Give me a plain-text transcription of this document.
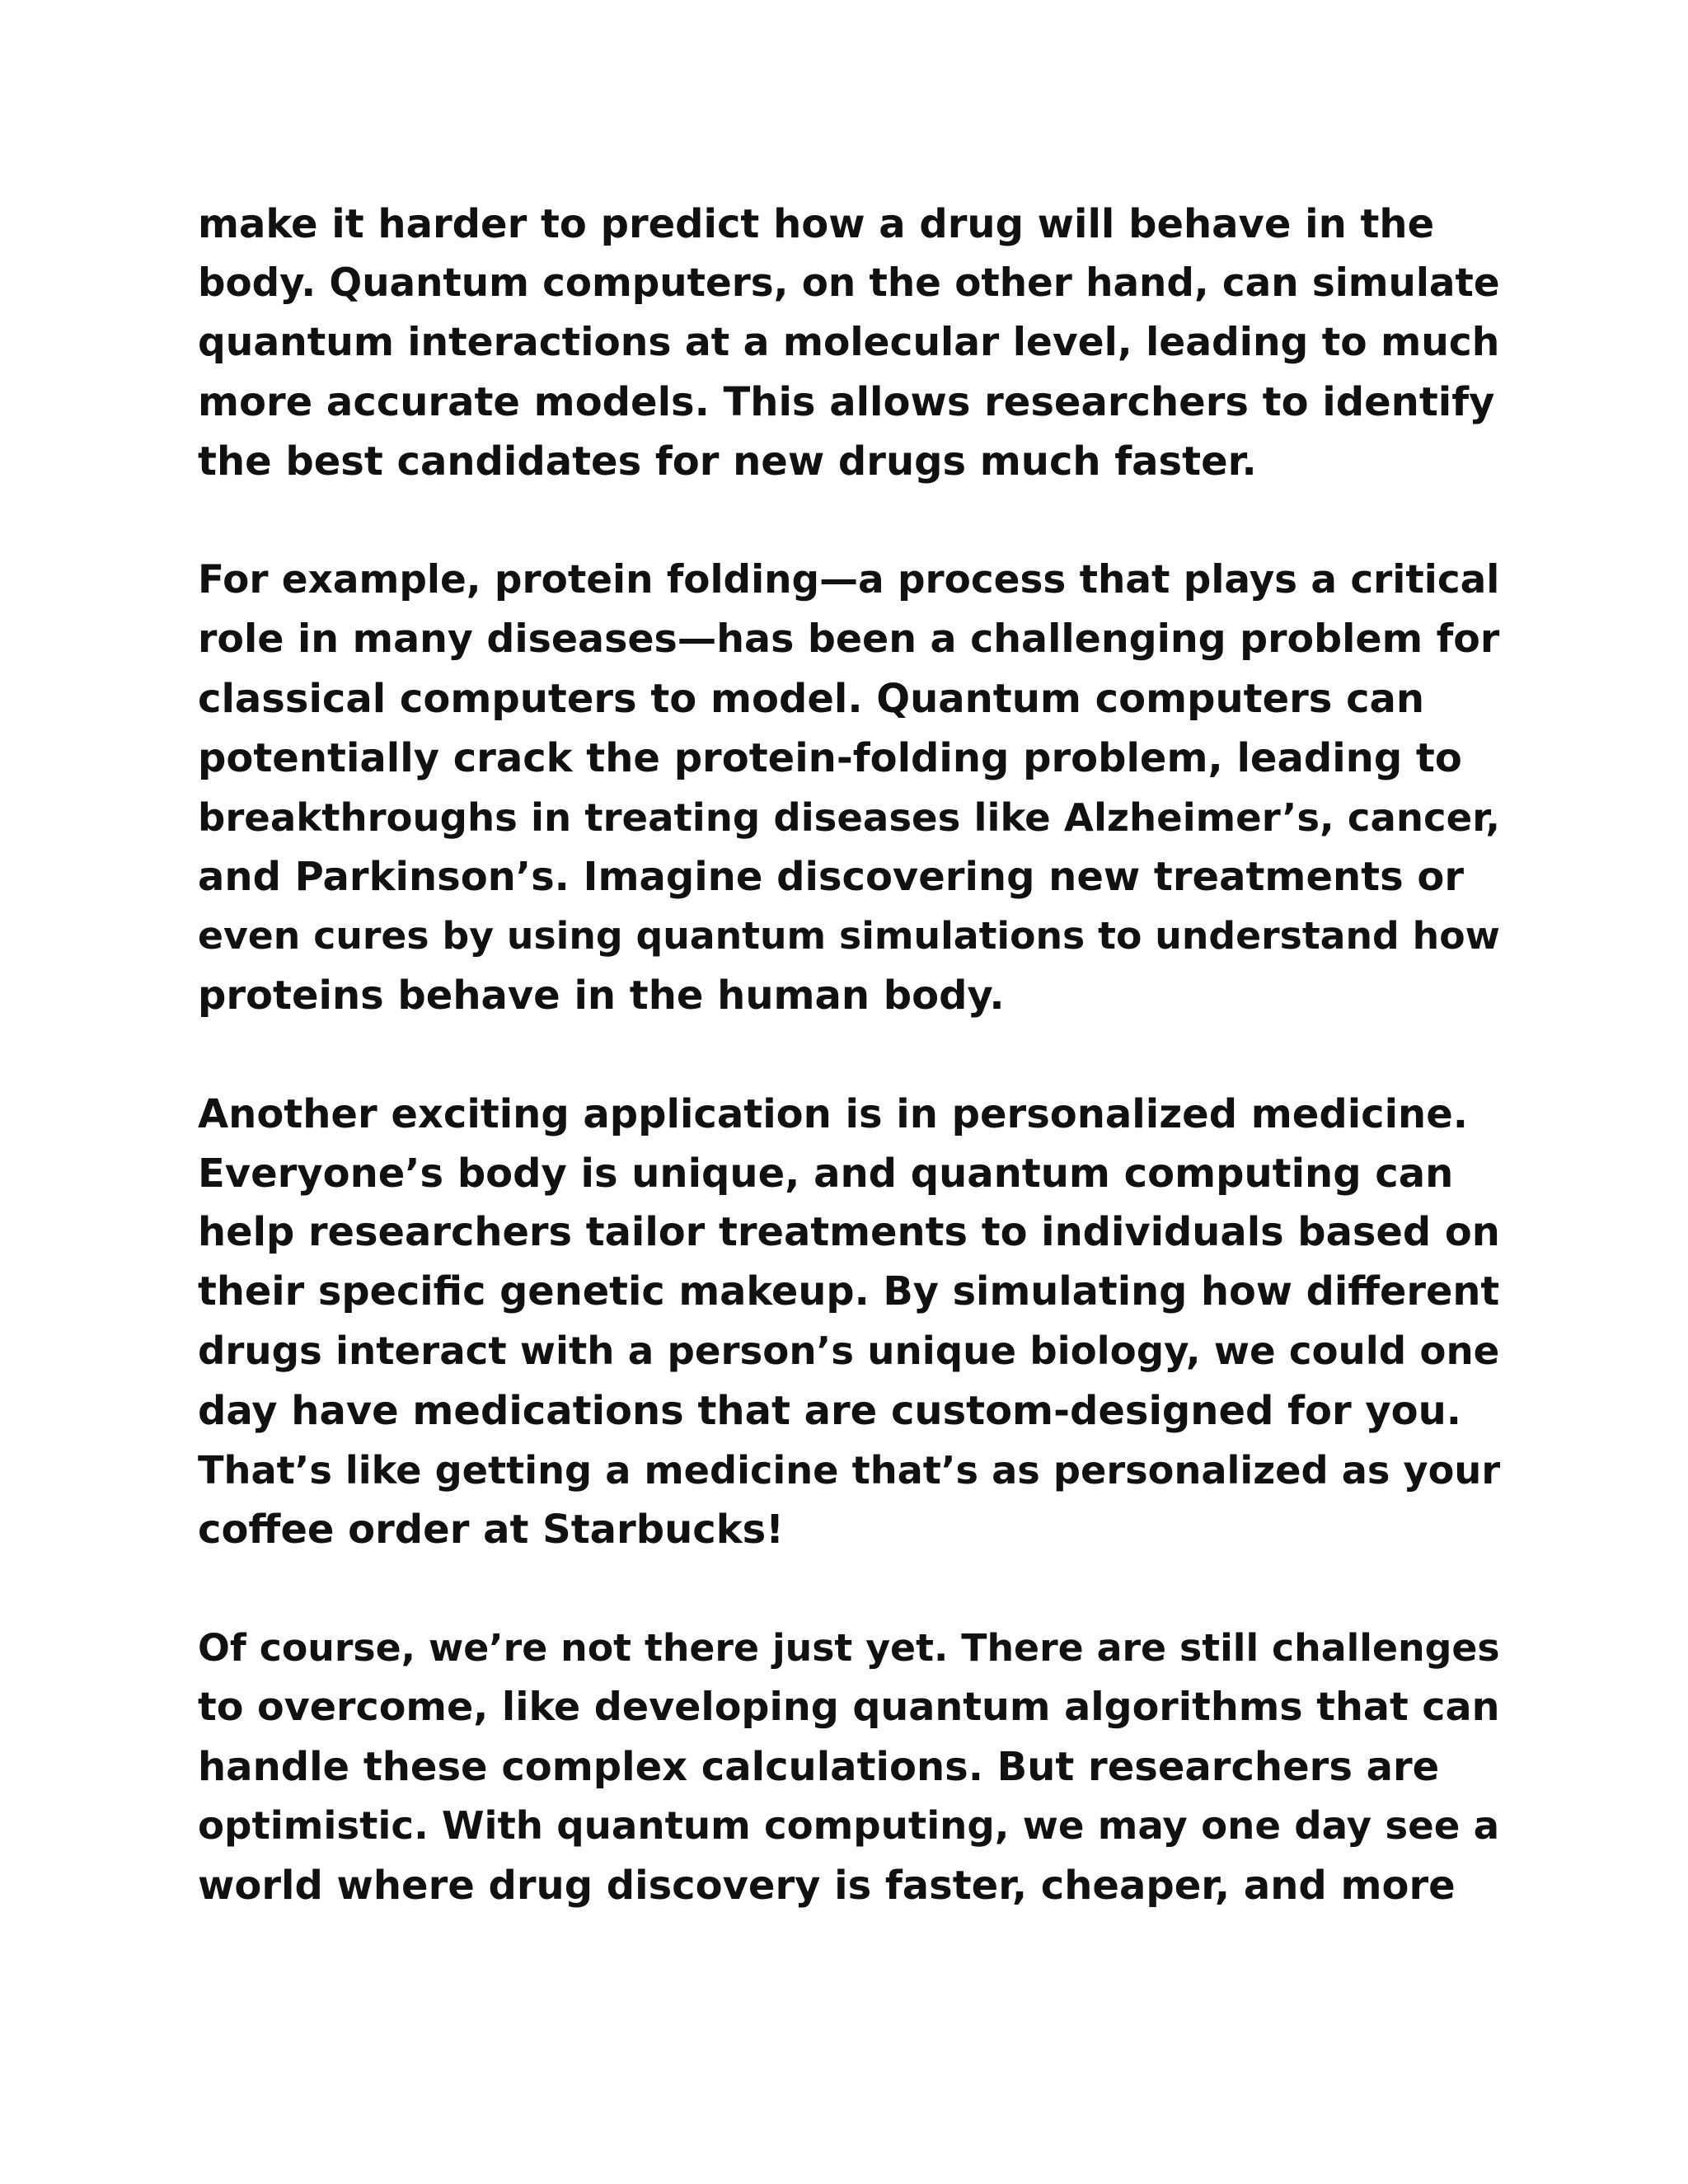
make it harder to predict how a drug will behave in the
body. Quantum computers, on the other hand, can simulate
quantum interactions at a molecular level, leading to much
more accurate models. This allows researchers to identify
the best candidates for new drugs much faster.

For example, protein folding—a process that plays a critical
role in many diseases—has been a challenging problem for
classical computers to model. Quantum computers can
potentially crack the protein-folding problem, leading to
breakthroughs in treating diseases like Alzheimer’s, cancer,
and Parkinson’s. Imagine discovering new treatments or
even cures by using quantum simulations to understand how
proteins behave in the human body.

Another exciting application is in personalized medicine.
Everyone’s body is unique, and quantum computing can
help researchers tailor treatments to individuals based on
their specific genetic makeup. By simulating how different
drugs interact with a person’s unique biology, we could one
day have medications that are custom-designed for you.
That’s like getting a medicine that’s as personalized as your
coffee order at Starbucks!

Of course, we’re not there just yet. There are still challenges
to overcome, like developing quantum algorithms that can
handle these complex calculations. But researchers are
optimistic. With quantum computing, we may one day see a
world where drug discovery is faster, cheaper, and more
